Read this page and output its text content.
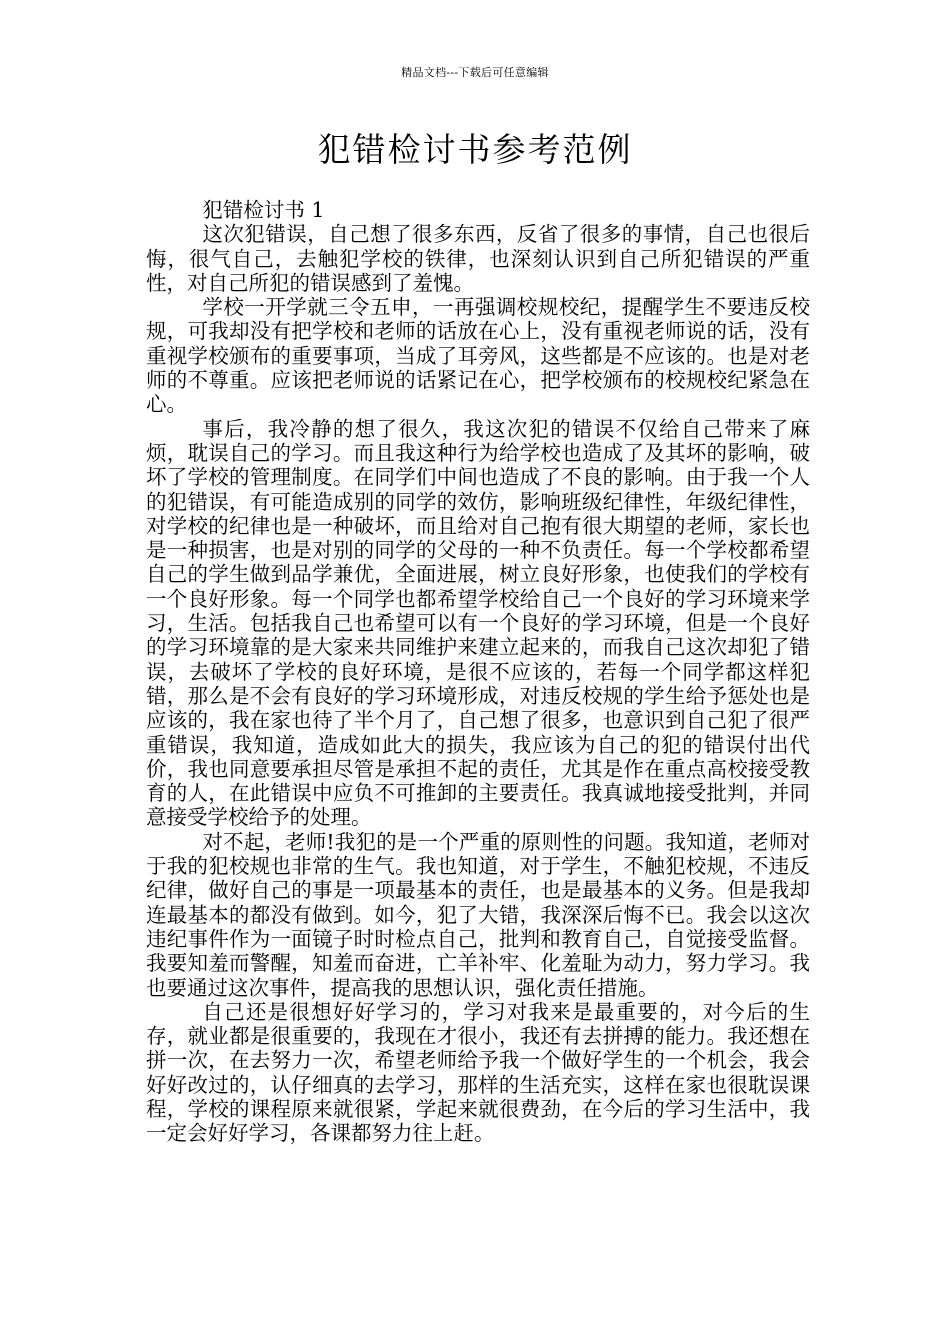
精品文档---下载后可任意编辑
犯错检讨书参考范例

犯错检讨书 1

这次犯错误，自己想了很多东西，反省了很多的事情，自己也很后悔，很气自己，去触犯学校的铁律，也深刻认识到自己所犯错误的严重性，对自己所犯的错误感到了羞愧。

学校一开学就三令五申，一再强调校规校纪，提醒学生不要违反校规，可我却没有把学校和老师的话放在心上，没有重视老师说的话，没有重视学校颁布的重要事项，当成了耳旁风，这些都是不应该的。也是对老师的不尊重。应该把老师说的话紧记在心，把学校颁布的校规校纪紧急在心。

事后，我冷静的想了很久，我这次犯的错误不仅给自己带来了麻烦，耽误自己的学习。而且我这种行为给学校也造成了及其坏的影响，破坏了学校的管理制度。在同学们中间也造成了不良的影响。由于我一个人的犯错误，有可能造成别的同学的效仿，影响班级纪律性，年级纪律性，对学校的纪律也是一种破坏，而且给对自己抱有很大期望的老师，家长也是一种损害，也是对别的同学的父母的一种不负责任。每一个学校都希望自己的学生做到品学兼优，全面进展，树立良好形象，也使我们的学校有一个良好形象。每一个同学也都希望学校给自己一个良好的学习环境来学习，生活。包括我自己也希望可以有一个良好的学习环境，但是一个良好的学习环境靠的是大家来共同维护来建立起来的，而我自己这次却犯了错误，去破坏了学校的良好环境，是很不应该的，若每一个同学都这样犯错，那么是不会有良好的学习环境形成，对违反校规的学生给予惩处也是应该的，我在家也待了半个月了，自己想了很多，也意识到自己犯了很严重错误，我知道，造成如此大的损失，我应该为自己的犯的错误付出代价，我也同意要承担尽管是承担不起的责任，尤其是作在重点高校接受教育的人，在此错误中应负不可推卸的主要责任。我真诚地接受批判，并同意接受学校给予的处理。

对不起，老师!我犯的是一个严重的原则性的问题。我知道，老师对于我的犯校规也非常的生气。我也知道，对于学生，不触犯校规，不违反纪律，做好自己的事是一项最基本的责任，也是最基本的义务。但是我却连最基本的都没有做到。如今，犯了大错，我深深后悔不已。我会以这次违纪事件作为一面镜子时时检点自己，批判和教育自己，自觉接受监督。我要知羞而警醒，知羞而奋进，亡羊补牢、化羞耻为动力，努力学习。我也要通过这次事件，提高我的思想认识，强化责任措施。

自己还是很想好好学习的，学习对我来是最重要的，对今后的生存，就业都是很重要的，我现在才很小，我还有去拼搏的能力。我还想在拼一次，在去努力一次，希望老师给予我一个做好学生的一个机会，我会好好改过的，认仔细真的去学习，那样的生活充实，这样在家也很耽误课程，学校的课程原来就很紧，学起来就很费劲，在今后的学习生活中，我一定会好好学习，各课都努力往上赶。
